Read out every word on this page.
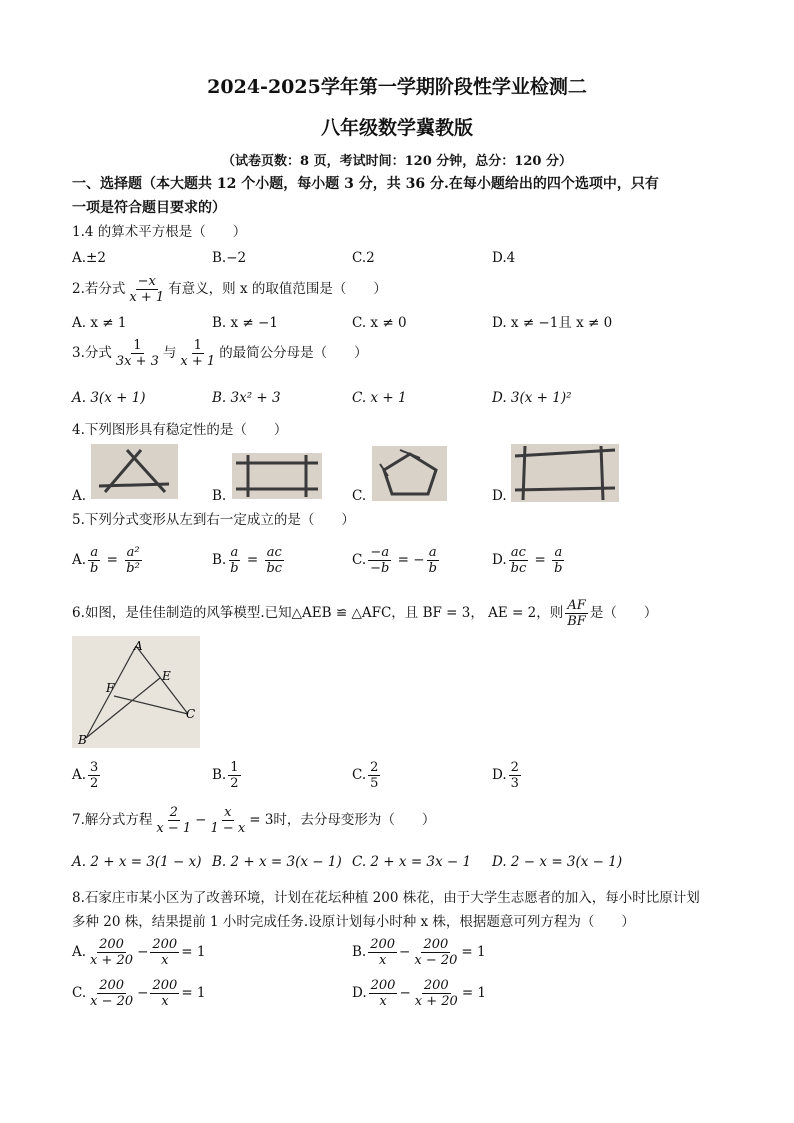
2024-2025学年第一学期阶段性学业检测二
八年级数学冀教版
（试卷页数：8 页，考试时间：120 分钟，总分：120 分）
一、选择题（本大题共 12 个小题，每小题 3 分，共 36 分.在每小题给出的四个选项中，只有
一项是符合题目要求的）
1.4 的算术平方根是（　　）
A.±2	B.−2	C.2	D.4
2.若分式 $\frac{-x}{x + 1}$ 有意义，则 x 的取值范围是（　　）
A. x ≠ 1	B. x ≠ −1	C. x ≠ 0	D. x ≠ −1且 x ≠ 0
3.分式 $\frac{1}{3x + 3}$ 与 $\frac{1}{x + 1}$ 的最简公分母是（　　）
A. 3(x + 1)	B. 3x² + 3	C. x + 1	D. 3(x + 1)²
4.下列图形具有稳定性的是（　　）
A.	B.	C.	D.
5.下列分式变形从左到右一定成立的是（　　）
A. $\frac{a}{b} = \frac{\text{a²}}{\text{b²}}$	B. $\frac{a}{b} = \frac{ac}{bc}$	C. $\frac{-a}{-b}$ = − $\frac{a}{b}$	D. $\frac{ac}{bc} = \frac{a}{b}$
6.如图，是佳佳制造的风筝模型.已知△AEB ≌ △AFC，且 BF = 3， AE = 2，则 $\frac{AF}{BF}$ 是（　　）
A
E
F
B
C
A. $\frac{3}{2}$	B. $\frac{1}{2}$	C. $\frac{2}{5}$	D. $\frac{2}{3}$
7.解分式方程 $\frac{2}{x - 1} - \frac{x}{1 - x} = 3$时，去分母变形为（　　）
A. 2 + x = 3(1 − x) B. 2 + x = 3(x − 1) C. 2 + x = 3x − 1 D. 2 − x = 3(x − 1)
8.石家庄市某小区为了改善环境，计划在花坛种植 200 株花，由于大学生志愿者的加入，每小时比原计划
多种 20 株，结果提前 1 小时完成任务.设原计划每小时种 x 株，根据题意可列方程为（　　）
A. $\frac{200}{x + 20} - \frac{200}{x} = 1$	B. $\frac{200}{x} - \frac{200}{x - 20} = 1$
C. $\frac{200}{x - 20} - \frac{200}{x} = 1$	D. $\frac{200}{x} - \frac{200}{x + 20} = 1$
